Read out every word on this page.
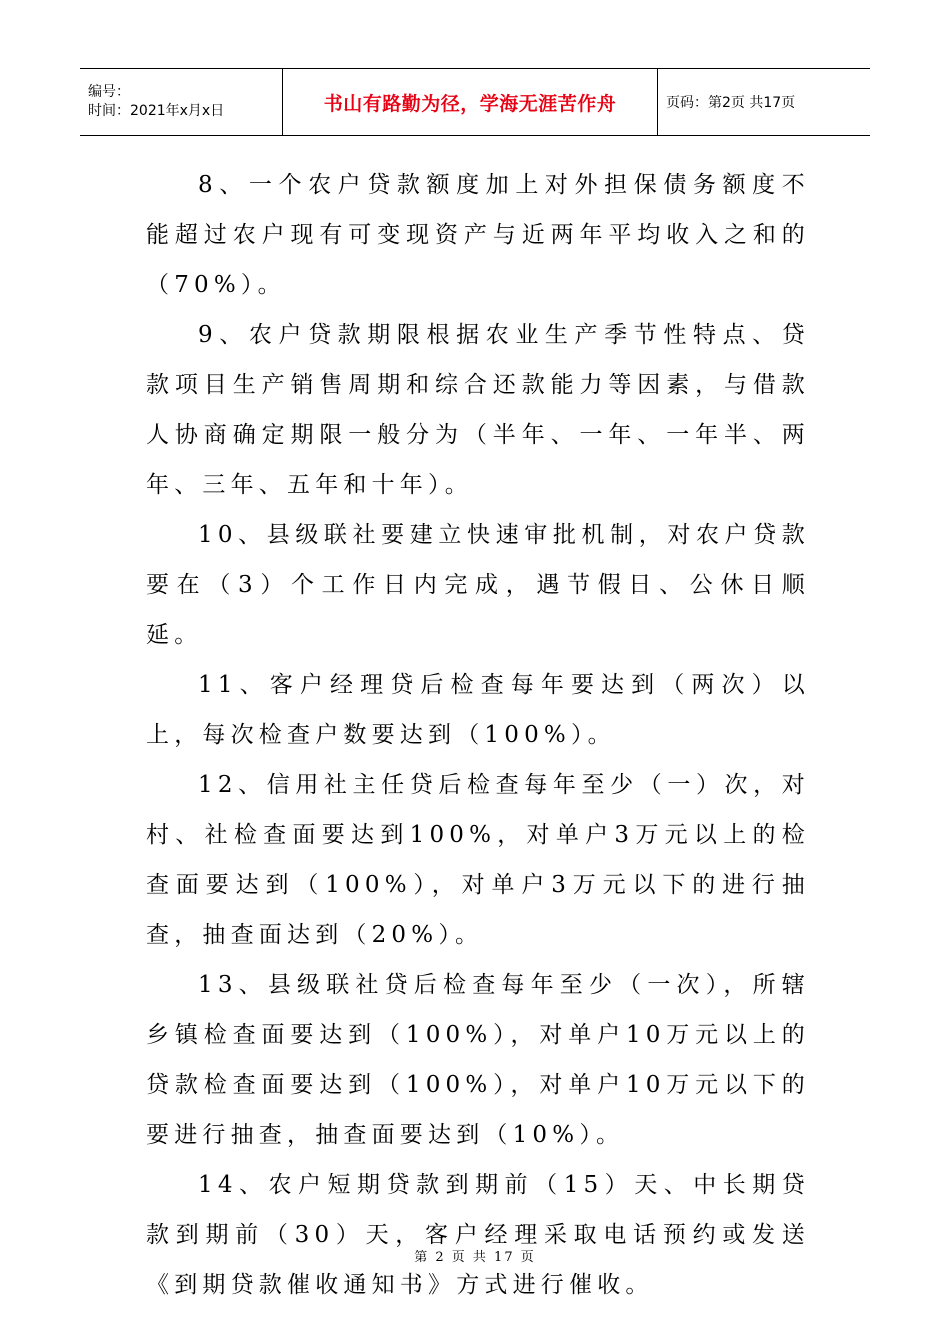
编号：
时间：2021年x月x日	书山有路勤为径，学海无涯苦作舟	页码：第2页 共17页

8、一个农户贷款额度加上对外担保债务额度不能超过农户现有可变现资产与近两年平均收入之和的（70%）。

9、农户贷款期限根据农业生产季节性特点、贷款项目生产销售周期和综合还款能力等因素，与借款人协商确定期限一般分为（半年、一年、一年半、两年、三年、五年和十年）。

10、县级联社要建立快速审批机制，对农户贷款要在（3）个工作日内完成，遇节假日、公休日顺延。

11、客户经理贷后检查每年要达到（两次）以上，每次检查户数要达到（100%）。

12、信用社主任贷后检查每年至少（一）次，对村、社检查面要达到100%，对单户3万元以上的检查面要达到（100%），对单户3万元以下的进行抽查，抽查面达到（20%）。

13、县级联社贷后检查每年至少（一次），所辖乡镇检查面要达到（100%），对单户10万元以上的贷款检查面要达到（100%），对单户10万元以下的要进行抽查，抽查面要达到（10%）。

14、农户短期贷款到期前（15）天、中长期贷款到期前（30）天，客户经理采取电话预约或发送《到期贷款催收通知书》方式进行催收。

第 2 页 共 17 页
